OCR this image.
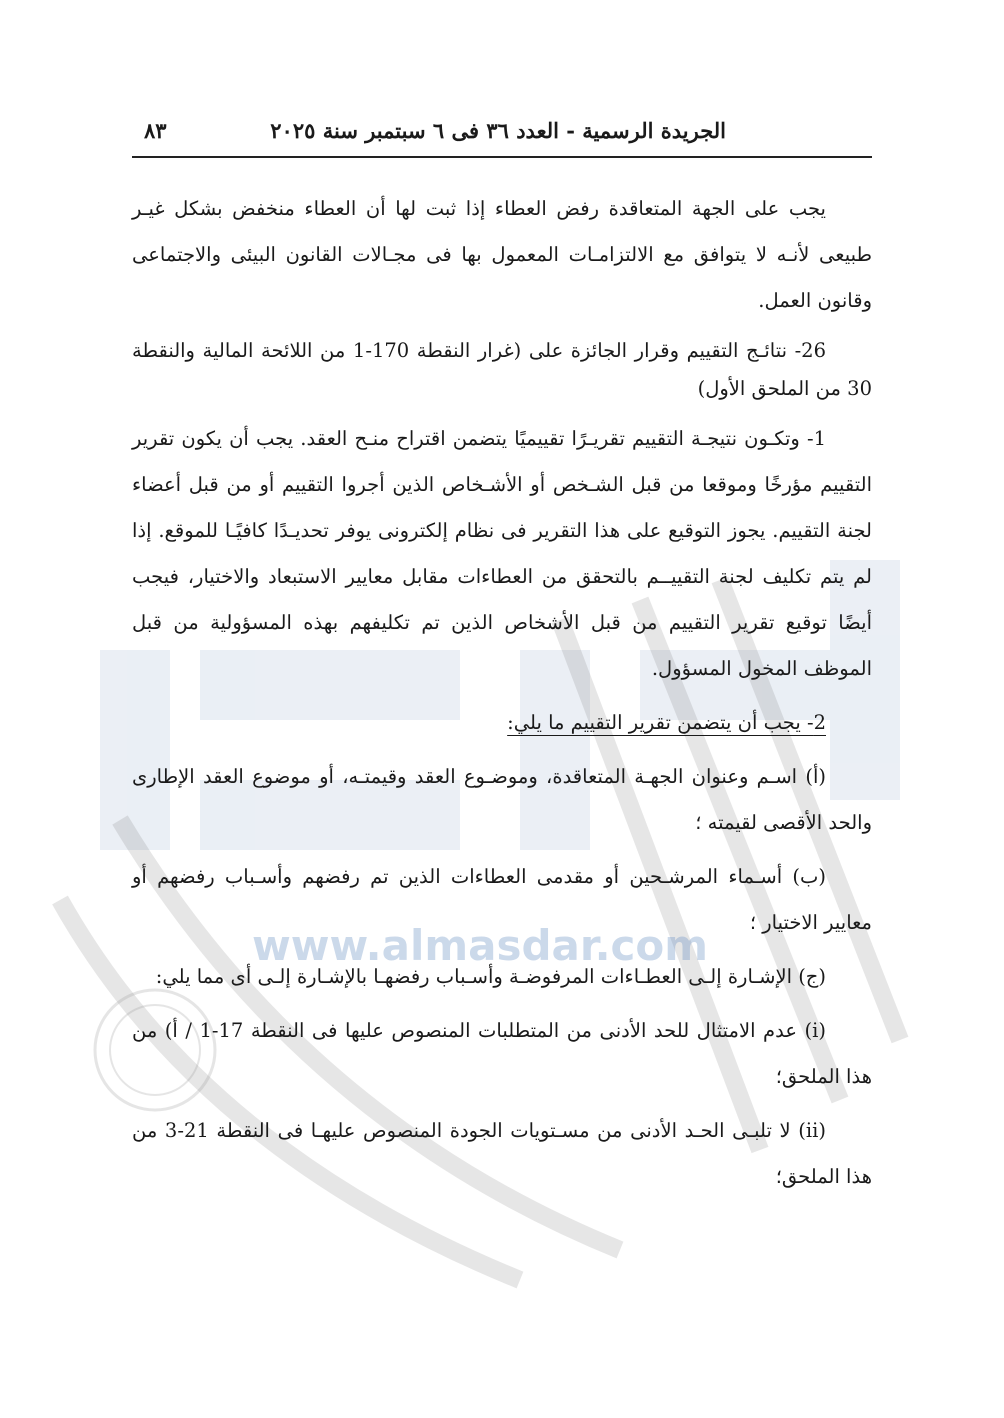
www.almasdar.com
الجريدة الرسمية - العدد ٣٦ فى ٦ سبتمبر سنة ٢٠٢٥
٨٣

يجب على الجهة المتعاقدة رفض العطاء إذا ثبت لها أن العطاء منخفض بشكل غيـر طبيعى لأنـه لا يتوافق مع الالتزامـات المعمول بها فى مجـالات القانون البيئى والاجتماعى وقانون العمل.

26- نتائـج التقييم وقرار الجائزة على (غرار النقطة 170-1 من اللائحة المالية والنقطة 30 من الملحق الأول)

1- وتكـون نتيجـة التقييم تقريـرًا تقييميًا يتضمن اقتراح منـح العقد. يجب أن يكون تقرير التقييم مؤرخًا وموقعا من قبل الشـخص أو الأشـخاص الذين أجروا التقييم أو من قبل أعضاء لجنة التقييم. يجوز التوقيع على هذا التقرير فى نظام إلكترونى يوفر تحديـدًا كافيًـا للموقع. إذا لم يتم تكليف لجنة التقييــم بالتحقق من العطاءات مقابل معايير الاستبعاد والاختيار، فيجب أيضًا توقيع تقرير التقييم من قبل الأشخاص الذين تم تكليفهم بهذه المسؤولية من قبل الموظف المخول المسؤول.

2- يجب أن يتضمن تقرير التقييم ما يلي:

(أ) اسـم وعنوان الجهـة المتعاقدة، وموضـوع العقد وقيمتـه، أو موضوع العقد الإطارى والحد الأقصى لقيمته ؛

(ب) أسـماء المرشـحين أو مقدمى العطاءات الذين تم رفضهم وأسـباب رفضهم أو معايير الاختيار ؛

(ج) الإشـارة إلـى العطـاءات المرفوضـة وأسـباب رفضهـا بالإشـارة إلـى أى مما يلي:

(i) عدم الامتثال للحد الأدنى من المتطلبات المنصوص عليها فى النقطة 17-1 / أ) من هذا الملحق؛

(ii) لا تلبـى الحـد الأدنى من مسـتويات الجودة المنصوص عليهـا فى النقطة 21-3 من هذا الملحق؛
